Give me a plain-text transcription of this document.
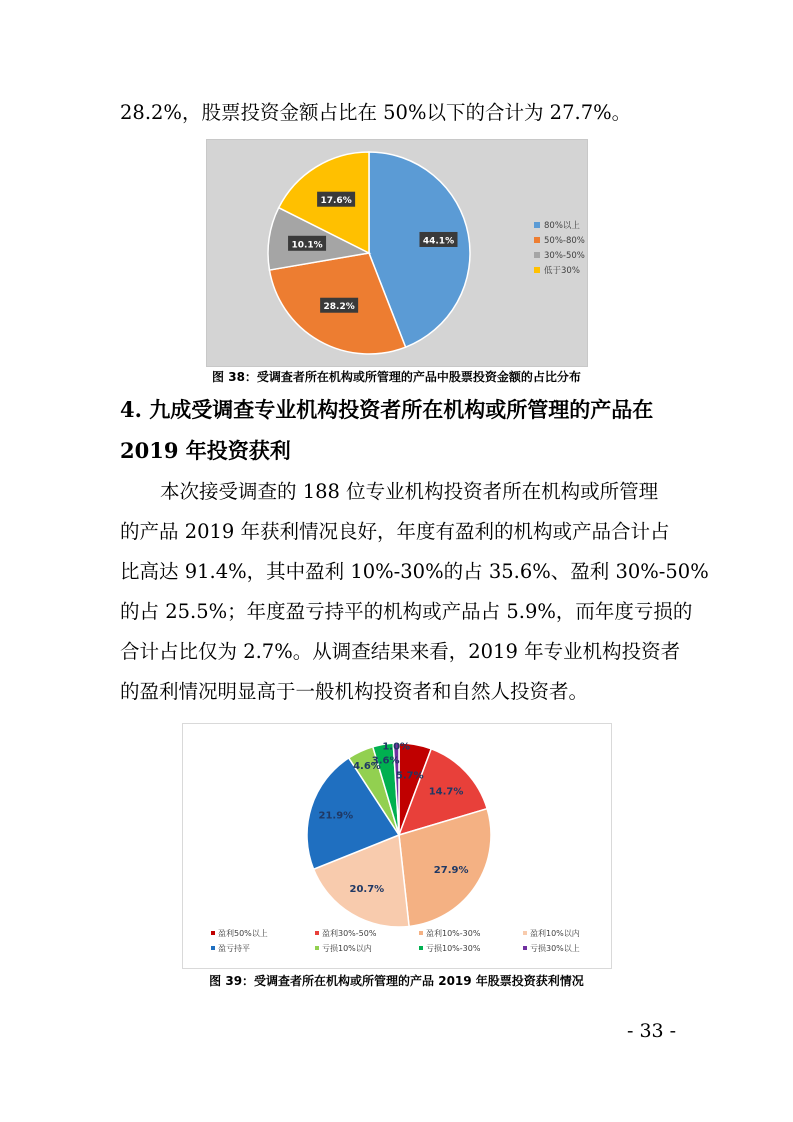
28.2%，股票投资金额占比在 50%以下的合计为 27.7%。
44.1%
28.2%
10.1%
17.6%
80%以上
50%-80%
30%-50%
低于30%
图 38：受调查者所在机构或所管理的产品中股票投资金额的占比分布
4. 九成受调查专业机构投资者所在机构或所管理的产品在
2019 年投资获利
本次接受调查的 188 位专业机构投资者所在机构或所管理
的产品 2019 年获利情况良好，年度有盈利的机构或产品合计占
比高达 91.4%，其中盈利 10%-30%的占 35.6%、盈利 30%-50%
的占 25.5%；年度盈亏持平的机构或产品占 5.9%，而年度亏损的
合计占比仅为 2.7%。从调查结果来看，2019 年专业机构投资者
的盈利情况明显高于一般机构投资者和自然人投资者。
5.7%
14.7%
27.9%
20.7%
21.9%
4.6%
3.6%
1.0%
盈利50%以上	盈利30%-50%	盈利10%-30%	盈利10%以内
盈亏持平	亏损10%以内	亏损10%-30%	亏损30%以上
图 39：受调查者所在机构或所管理的产品 2019 年股票投资获利情况
- 33 -
